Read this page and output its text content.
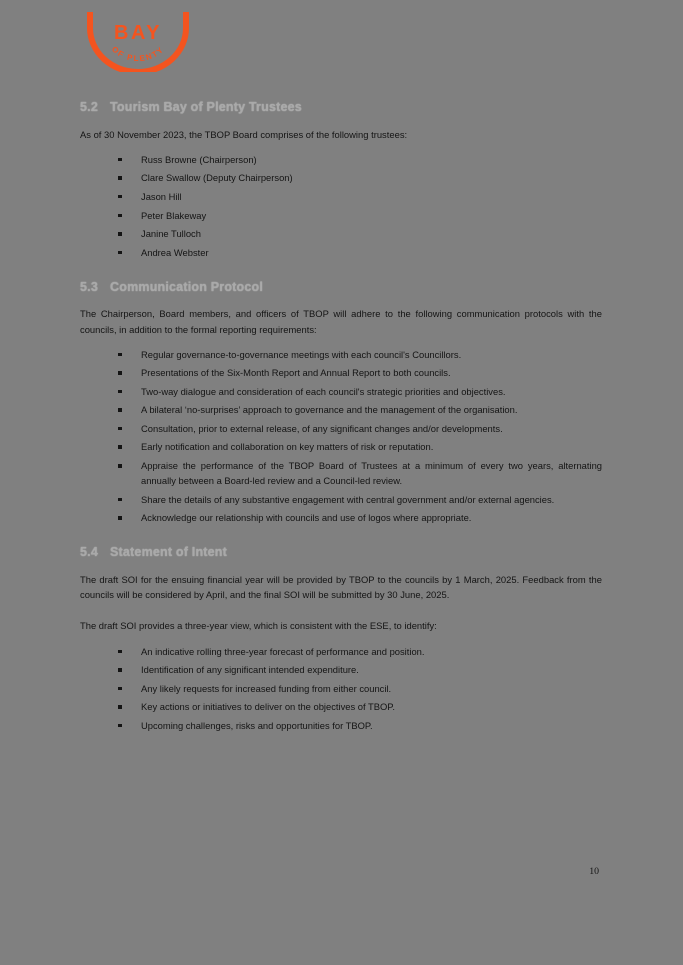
BAY
OF PLENTY
5.2 Tourism Bay of Plenty Trustees

As of 30 November 2023, the TBOP Board comprises of the following trustees:

Russ Browne (Chairperson)
Clare Swallow (Deputy Chairperson)
Jason Hill
Peter Blakeway
Janine Tulloch
Andrea Webster
5.3 Communication Protocol

The Chairperson, Board members, and officers of TBOP will adhere to the following communication protocols with the councils, in addition to the formal reporting requirements:

Regular governance-to-governance meetings with each council's Councillors.
Presentations of the Six-Month Report and Annual Report to both councils.
Two-way dialogue and consideration of each council's strategic priorities and objectives.
A bilateral ‘no-surprises’ approach to governance and the management of the organisation.
Consultation, prior to external release, of any significant changes and/or developments.
Early notification and collaboration on key matters of risk or reputation.
Appraise the performance of the TBOP Board of Trustees at a minimum of every two years, alternating annually between a Board-led review and a Council-led review.
Share the details of any substantive engagement with central government and/or external agencies.
Acknowledge our relationship with councils and use of logos where appropriate.
5.4 Statement of Intent

The draft SOI for the ensuing financial year will be provided by TBOP to the councils by 1 March, 2025. Feedback from the councils will be considered by April, and the final SOI will be submitted by 30 June, 2025.

The draft SOI provides a three-year view, which is consistent with the ESE, to identify:

An indicative rolling three-year forecast of performance and position.
Identification of any significant intended expenditure.
Any likely requests for increased funding from either council.
Key actions or initiatives to deliver on the objectives of TBOP.
Upcoming challenges, risks and opportunities for TBOP.
10
